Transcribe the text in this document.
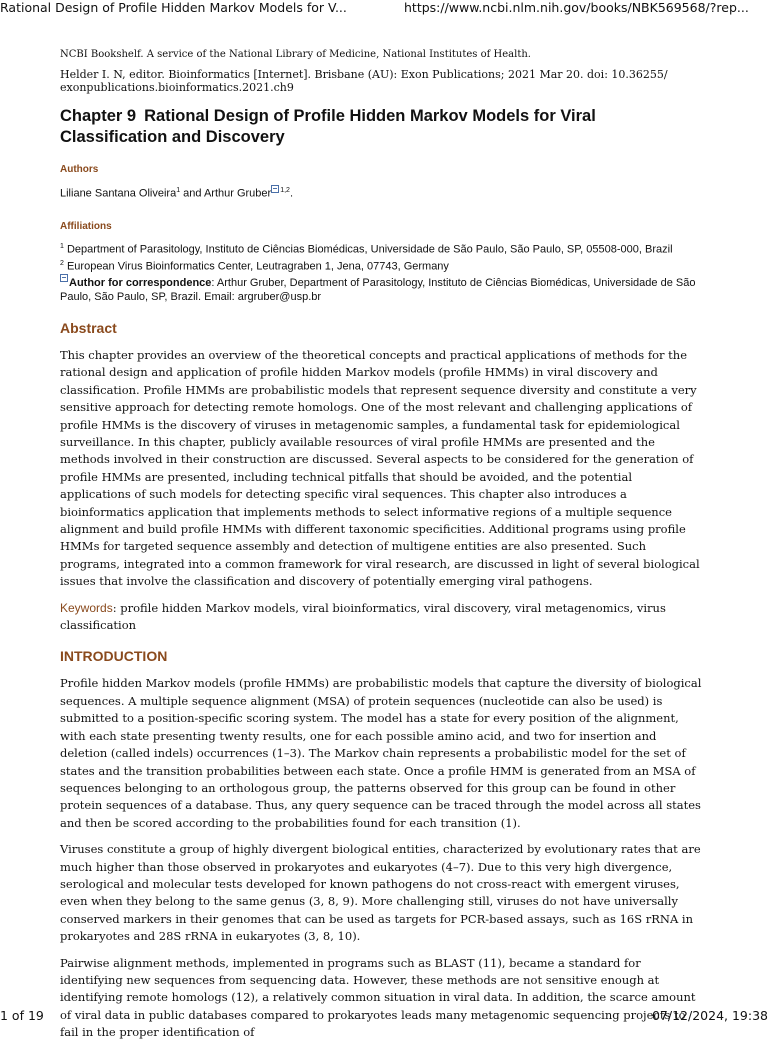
Rational Design of Profile Hidden Markov Models for V...	https://www.ncbi.nlm.nih.gov/books/NBK569568/?rep...

NCBI Bookshelf. A service of the National Library of Medicine, National Institutes of Health.

Helder I. N, editor. Bioinformatics [Internet]. Brisbane (AU): Exon Publications; 2021 Mar 20. doi: 10.36255/ exonpublications.bioinformatics.2021.ch9

Chapter 9 Rational Design of Profile Hidden Markov Models for Viral Classification and Discovery
Authors

Liliane Santana Oliveira$^1$ and Arthur Gruber $^{1,2}$.

Affiliations

$^1$ Department of Parasitology, Instituto de Ciências Biomédicas, Universidade de São Paulo, São Paulo, SP, 05508-000, Brazil

$^2$ European Virus Bioinformatics Center, Leutragraben 1, Jena, 07743, Germany

Author for correspondence: Arthur Gruber, Department of Parasitology, Instituto de Ciências Biomédicas, Universidade de São Paulo, São Paulo, SP, Brazil. Email: argruber@usp.br

Abstract

This chapter provides an overview of the theoretical concepts and practical applications of methods for the rational design and application of profile hidden Markov models (profile HMMs) in viral discovery and classification. Profile HMMs are probabilistic models that represent sequence diversity and constitute a very sensitive approach for detecting remote homologs. One of the most relevant and challenging applications of profile HMMs is the discovery of viruses in metagenomic samples, a fundamental task for epidemiological surveillance. In this chapter, publicly available resources of viral profile HMMs are presented and the methods involved in their construction are discussed. Several aspects to be considered for the generation of profile HMMs are presented, including technical pitfalls that should be avoided, and the potential applications of such models for detecting specific viral sequences. This chapter also introduces a bioinformatics application that implements methods to select informative regions of a multiple sequence alignment and build profile HMMs with different taxonomic specificities. Additional programs using profile HMMs for targeted sequence assembly and detection of multigene entities are also presented. Such programs, integrated into a common framework for viral research, are discussed in light of several biological issues that involve the classification and discovery of potentially emerging viral pathogens.

Keywords: profile hidden Markov models, viral bioinformatics, viral discovery, viral metagenomics, virus classification

INTRODUCTION

Profile hidden Markov models (profile HMMs) are probabilistic models that capture the diversity of biological sequences. A multiple sequence alignment (MSA) of protein sequences (nucleotide can also be used) is submitted to a position-specific scoring system. The model has a state for every position of the alignment, with each state presenting twenty results, one for each possible amino acid, and two for insertion and deletion (called indels) occurrences (1–3). The Markov chain represents a probabilistic model for the set of states and the transition probabilities between each state. Once a profile HMM is generated from an MSA of sequences belonging to an orthologous group, the patterns observed for this group can be found in other protein sequences of a database. Thus, any query sequence can be traced through the model across all states and then be scored according to the probabilities found for each transition (1).

Viruses constitute a group of highly divergent biological entities, characterized by evolutionary rates that are much higher than those observed in prokaryotes and eukaryotes (4–7). Due to this very high divergence, serological and molecular tests developed for known pathogens do not cross-react with emergent viruses, even when they belong to the same genus (3, 8, 9). More challenging still, viruses do not have universally conserved markers in their genomes that can be used as targets for PCR-based assays, such as 16S rRNA in prokaryotes and 28S rRNA in eukaryotes (3, 8, 10).

Pairwise alignment methods, implemented in programs such as BLAST (11), became a standard for identifying new sequences from sequencing data. However, these methods are not sensitive enough at identifying remote homologs (12), a relatively common situation in viral data. In addition, the scarce amount of viral data in public databases compared to prokaryotes leads many metagenomic sequencing projects to fail in the proper identification of

1 of 19	07/12/2024, 19:38
